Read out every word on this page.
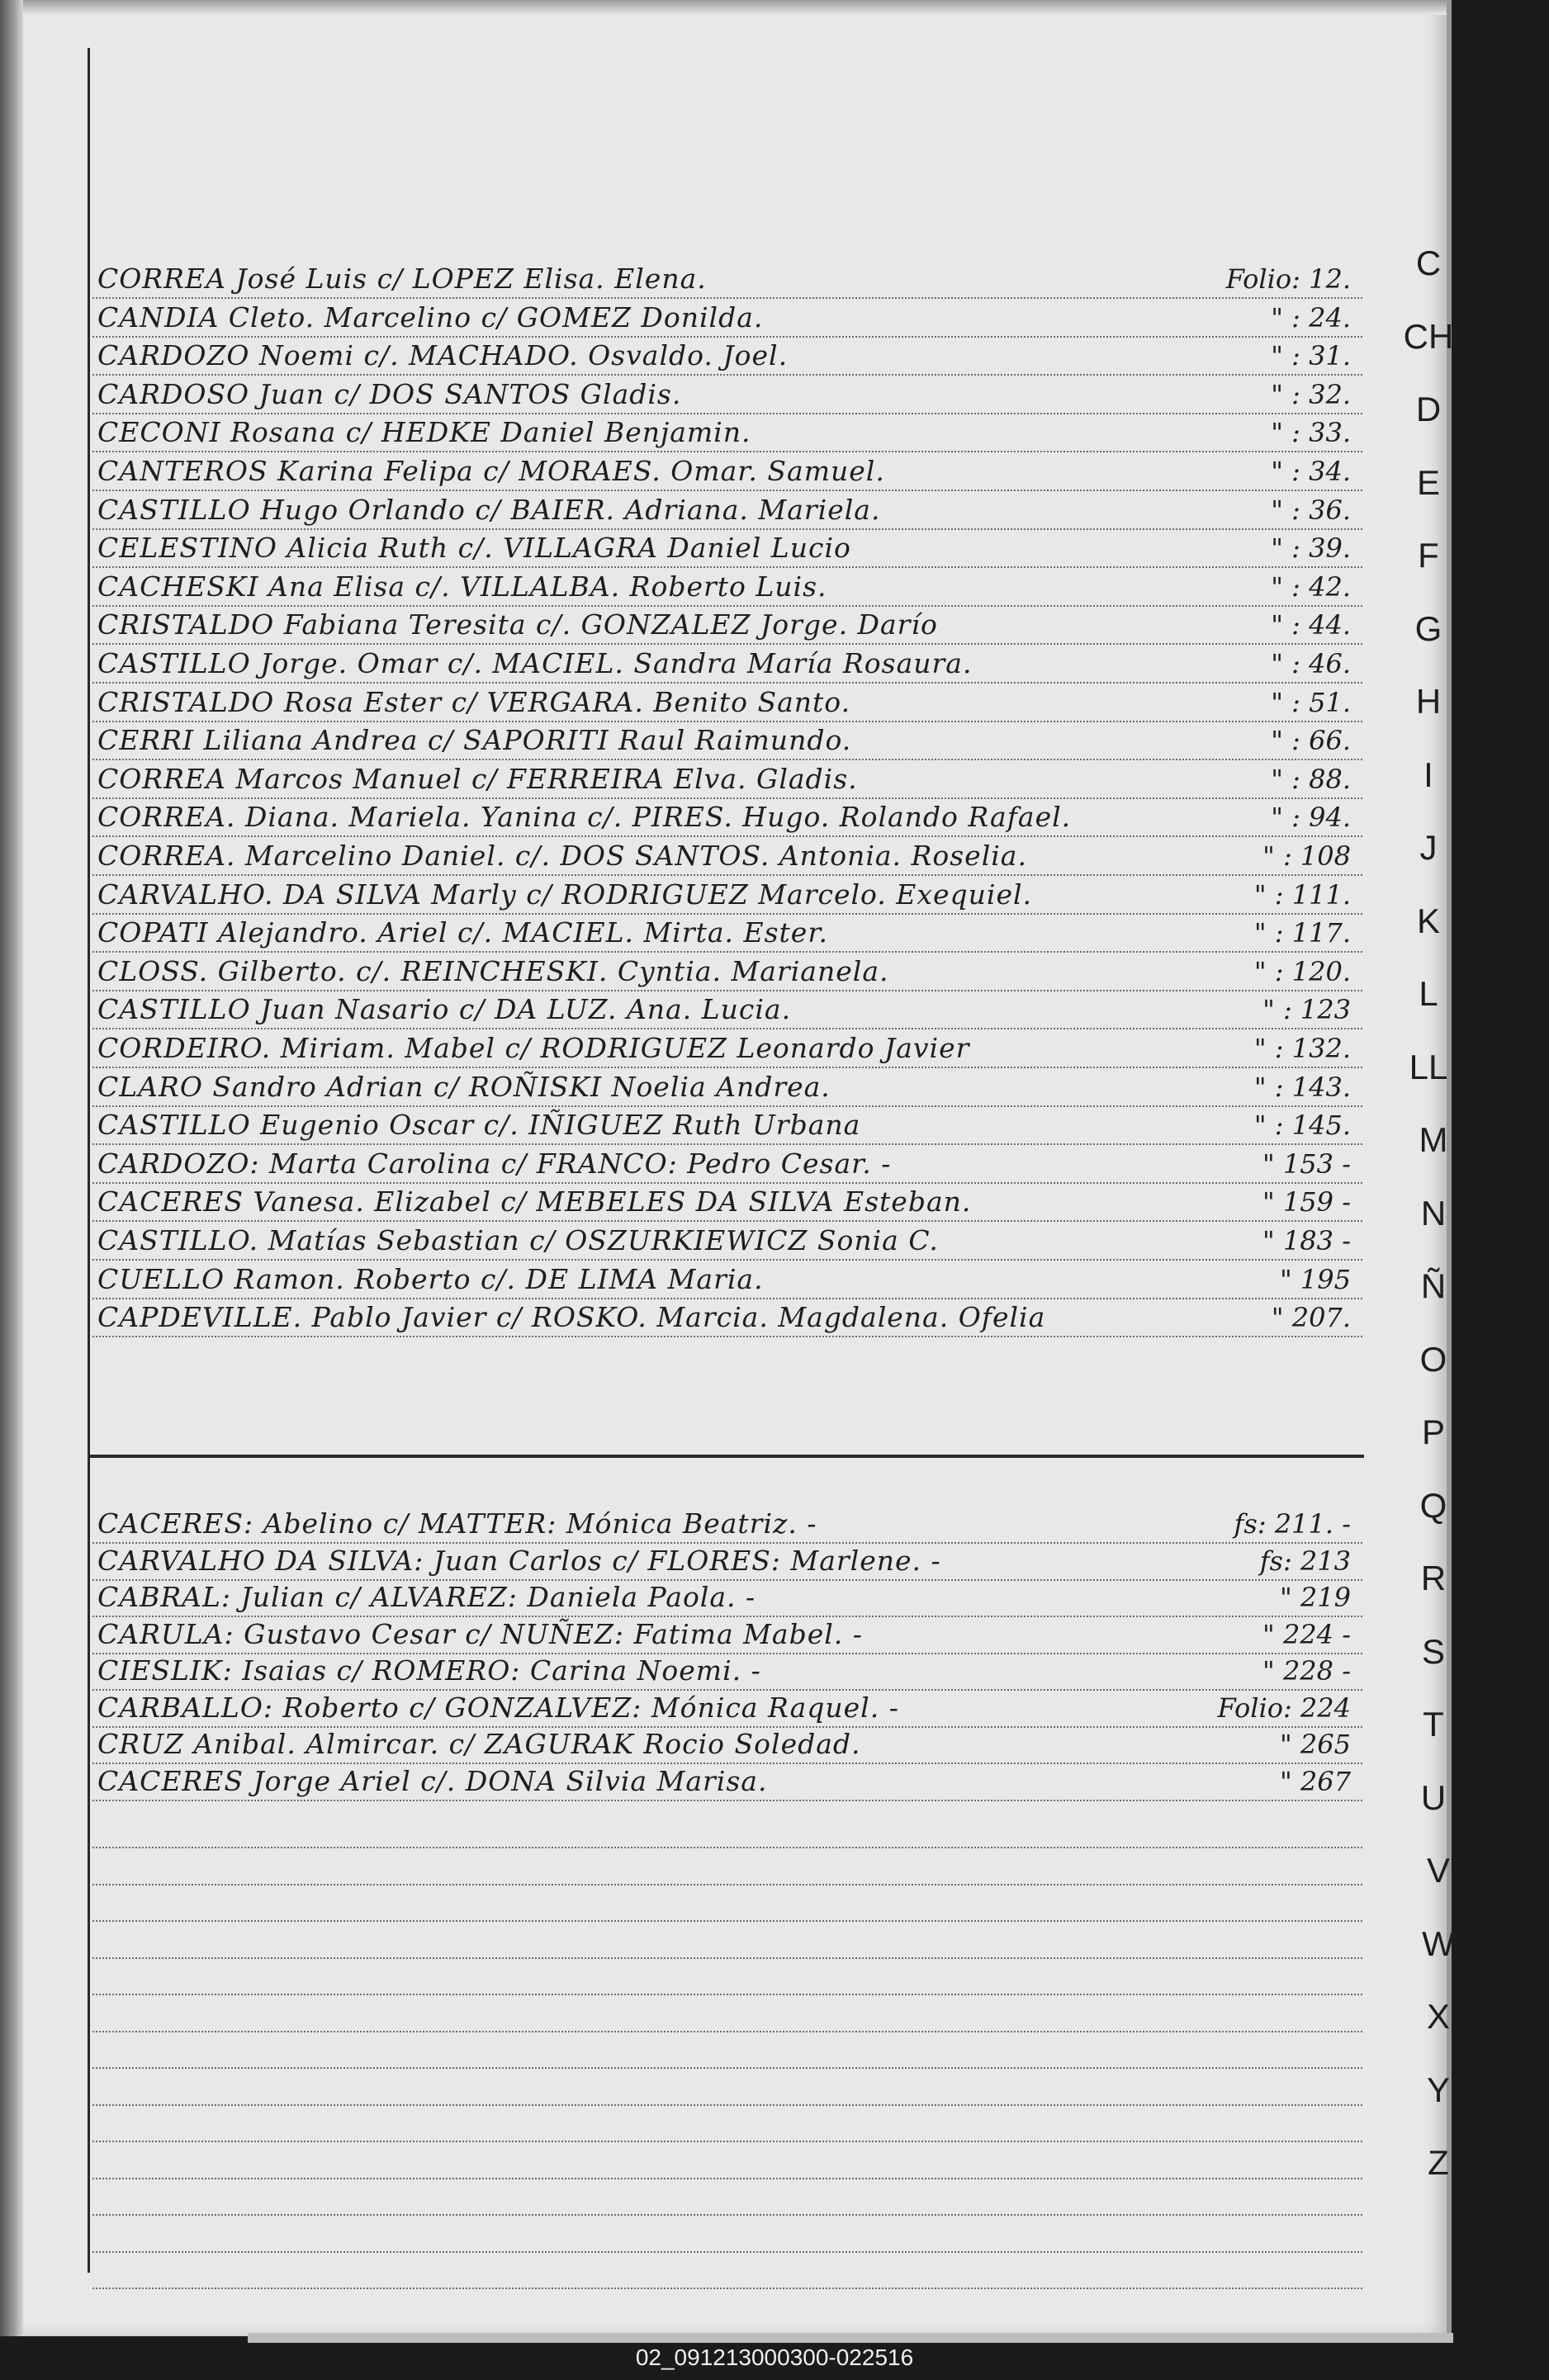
CORREA José Luis c/ LOPEZ Elisa. Elena.	Folio: 12.
CANDIA Cleto. Marcelino c/ GOMEZ Donilda.	" : 24.
CARDOZO Noemi c/. MACHADO. Osvaldo. Joel.	" : 31.
CARDOSO Juan c/ DOS SANTOS Gladis.	" : 32.
CECONI Rosana c/ HEDKE Daniel Benjamin.	" : 33.
CANTEROS Karina Felipa c/ MORAES. Omar. Samuel.	" : 34.
CASTILLO Hugo Orlando c/ BAIER. Adriana. Mariela.	" : 36.
CELESTINO Alicia Ruth c/. VILLAGRA Daniel Lucio	" : 39.
CACHESKI Ana Elisa c/. VILLALBA. Roberto Luis.	" : 42.
CRISTALDO Fabiana Teresita c/. GONZALEZ Jorge. Darío	" : 44.
CASTILLO Jorge. Omar c/. MACIEL. Sandra María Rosaura.	" : 46.
CRISTALDO Rosa Ester c/ VERGARA. Benito Santo.	" : 51.
CERRI Liliana Andrea c/ SAPORITI Raul Raimundo.	" : 66.
CORREA Marcos Manuel c/ FERREIRA Elva. Gladis.	" : 88.
CORREA. Diana. Mariela. Yanina c/. PIRES. Hugo. Rolando Rafael.	" : 94.
CORREA. Marcelino Daniel. c/. DOS SANTOS. Antonia. Roselia.	" : 108
CARVALHO. DA SILVA Marly c/ RODRIGUEZ Marcelo. Exequiel.	" : 111.
COPATI Alejandro. Ariel c/. MACIEL. Mirta. Ester.	" : 117.
CLOSS. Gilberto. c/. REINCHESKI. Cyntia. Marianela.	" : 120.
CASTILLO Juan Nasario c/ DA LUZ. Ana. Lucia.	" : 123
CORDEIRO. Miriam. Mabel c/ RODRIGUEZ Leonardo Javier	" : 132.
CLARO Sandro Adrian c/ ROÑISKI Noelia Andrea.	" : 143.
CASTILLO Eugenio Oscar c/. IÑIGUEZ Ruth Urbana	" : 145.
CARDOZO: Marta Carolina c/ FRANCO: Pedro Cesar. -	" 153 -
CACERES Vanesa. Elizabel c/ MEBELES DA SILVA Esteban.	" 159 -
CASTILLO. Matías Sebastian c/ OSZURKIEWICZ Sonia C.	" 183 -
CUELLO Ramon. Roberto c/. DE LIMA Maria.	" 195
CAPDEVILLE. Pablo Javier c/ ROSKO. Marcia. Magdalena. Ofelia	" 207.
CACERES: Abelino c/ MATTER: Mónica Beatriz. -	fs: 211. -
CARVALHO DA SILVA: Juan Carlos c/ FLORES: Marlene. -	fs: 213
CABRAL: Julian c/ ALVAREZ: Daniela Paola. -	" 219
CARULA: Gustavo Cesar c/ NUÑEZ: Fatima Mabel. -	" 224 -
CIESLIK: Isaias c/ ROMERO: Carina Noemi. -	" 228 -
CARBALLO: Roberto c/ GONZALVEZ: Mónica Raquel. -	Folio: 224
CRUZ Anibal. Almircar. c/ ZAGURAK Rocio Soledad.	" 265
CACERES Jorge Ariel c/. DONA Silvia Marisa.	" 267
C
CH
D
E
F
G
H
I
J
K
L
LL
M
N
Ñ
O
P
Q
R
S
T
U
V
W
X
Y
Z
02_091213000300-022516
